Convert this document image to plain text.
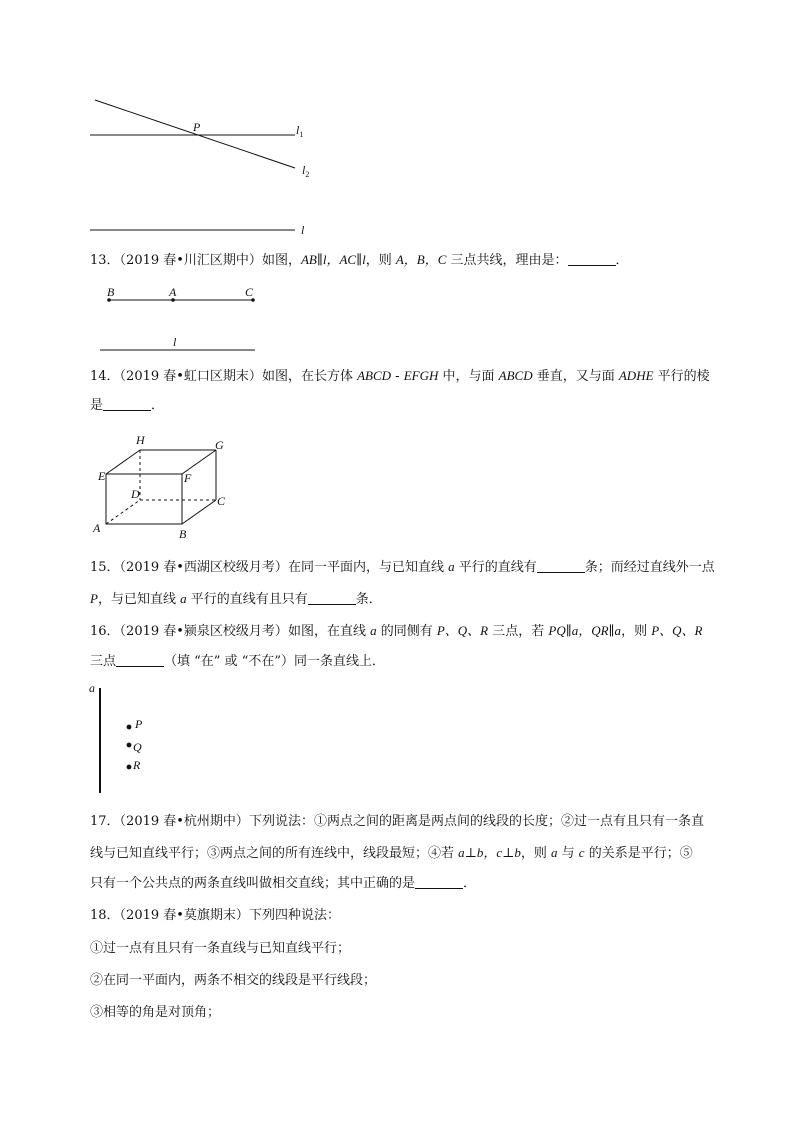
P	$l_1$
$l_2$
l
13．（2019 春•川汇区期中）如图，AB∥l，AC∥l，则 A，B，C 三点共线，理由是：	．
B	A	C
l
14．（2019 春•虹口区期末）如图，在长方体 ABCD - EFGH 中，与面 ABCD 垂直，又与面 ADHE 平行的棱
是	．
H	G
E	F
D	C
A	B
15．（2019 春•西湖区校级月考）在同一平面内，与已知直线 a 平行的直线有	条；而经过直线外一点
P，与已知直线 a 平行的直线有且只有	条．
16．（2019 春•颍泉区校级月考）如图，在直线 a 的同侧有 P、Q、R 三点，若 PQ∥a，QR∥a，则 P、Q、R
三点	（填 “在” 或 “不在”）同一条直线上．
a
P
Q
R
17．（2019 春•杭州期中）下列说法：①两点之间的距离是两点间的线段的长度；②过一点有且只有一条直
线与已知直线平行；③两点之间的所有连线中，线段最短；④若 a⊥b，c⊥b，则 a 与 c 的关系是平行；⑤
只有一个公共点的两条直线叫做相交直线；其中正确的是	．
18．（2019 春•莫旗期末）下列四种说法：
①过一点有且只有一条直线与已知直线平行；
②在同一平面内，两条不相交的线段是平行线段；
③相等的角是对顶角；
